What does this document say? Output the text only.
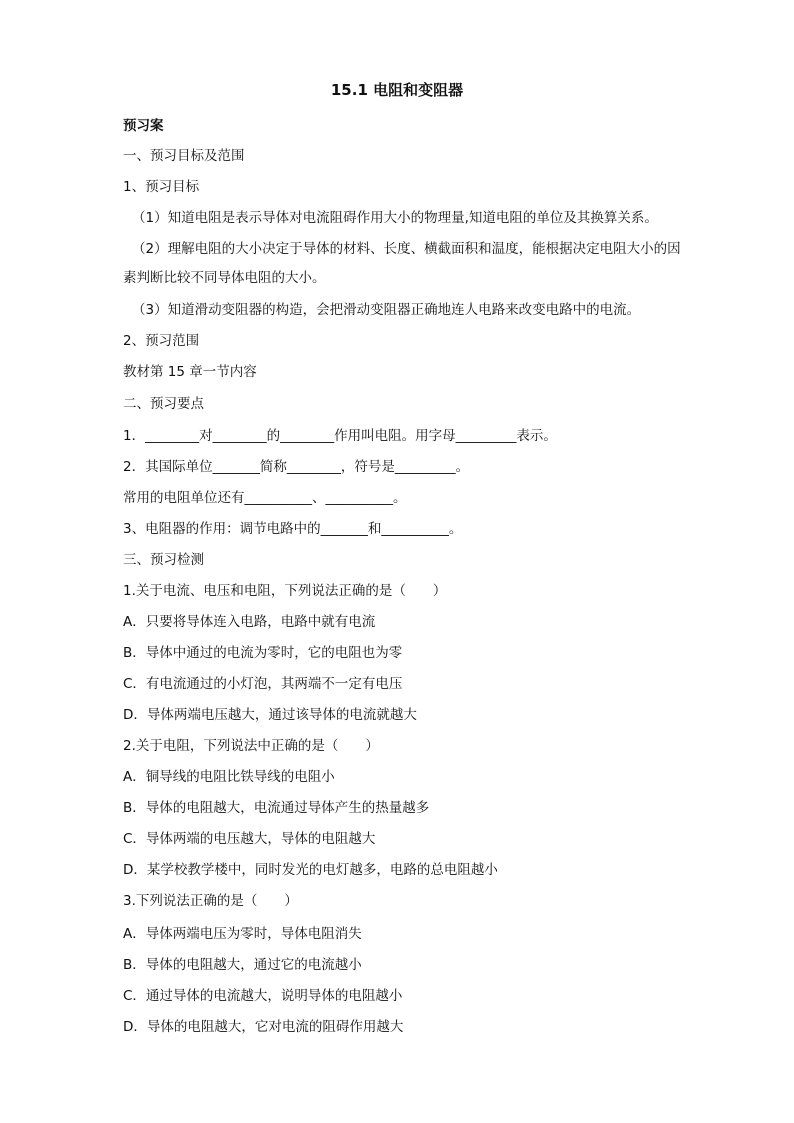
15.1 电阻和变阻器
预习案
一、预习目标及范围
1、预习目标
（1）知道电阻是表示导体对电流阻碍作用大小的物理量,知道电阻的单位及其换算关系。
（2）理解电阻的大小决定于导体的材料、长度、横截面积和温度，能根据决定电阻大小的因
素判断比较不同导体电阻的大小。
（3）知道滑动变阻器的构造，会把滑动变阻器正确地连人电路来改变电路中的电流。
2、预习范围
教材第 15 章一节内容
二、预习要点
1．________对________的________作用叫电阻。用字母_________表示。
2．其国际单位_______简称________，符号是_________。
常用的电阻单位还有__________、__________。
3、电阻器的作用：调节电路中的_______和__________。
三、预习检测
1.关于电流、电压和电阻，下列说法正确的是（　　）
A．只要将导体连入电路，电路中就有电流
B．导体中通过的电流为零时，它的电阻也为零
C．有电流通过的小灯泡，其两端不一定有电压
D．导体两端电压越大，通过该导体的电流就越大
2.关于电阻，下列说法中正确的是（　　）
A．铜导线的电阻比铁导线的电阻小
B．导体的电阻越大，电流通过导体产生的热量越多
C．导体两端的电压越大，导体的电阻越大
D．某学校教学楼中，同时发光的电灯越多，电路的总电阻越小
3.下列说法正确的是（　　）
A．导体两端电压为零时，导体电阻消失
B．导体的电阻越大，通过它的电流越小
C．通过导体的电流越大，说明导体的电阻越小
D．导体的电阻越大，它对电流的阻碍作用越大
